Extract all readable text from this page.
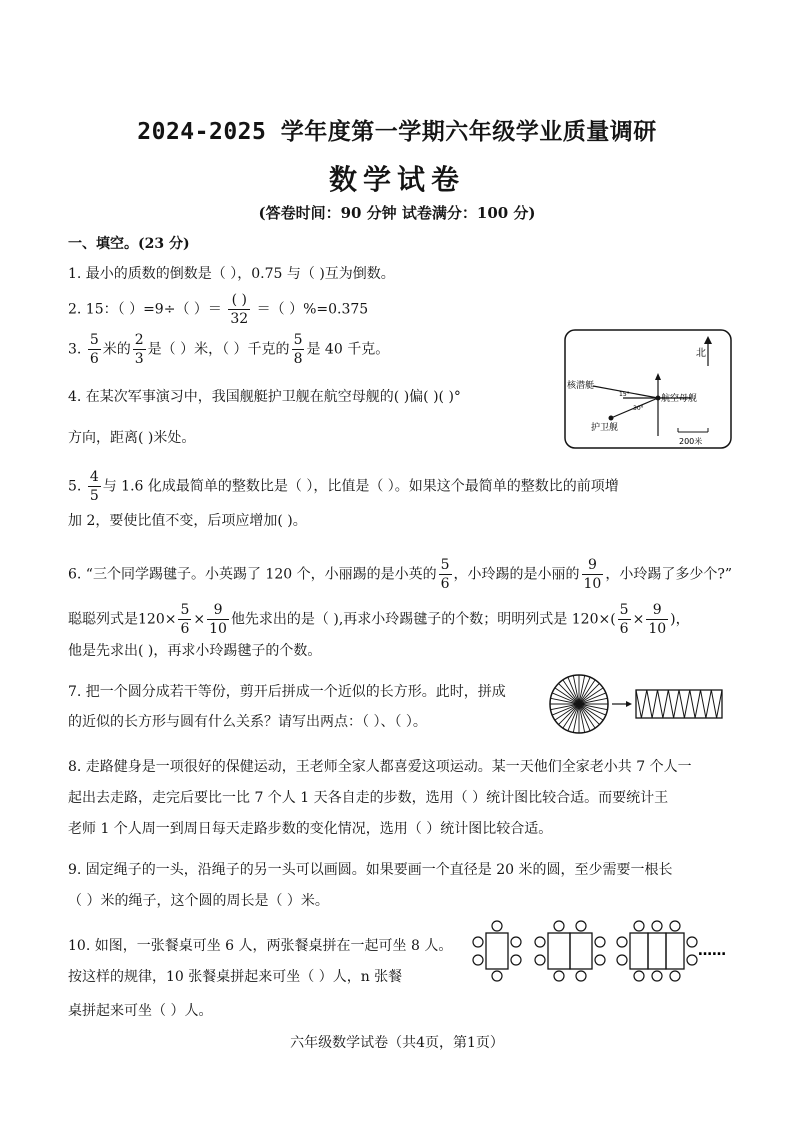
2024-2025 学年度第一学期六年级学业质量调研
数学试卷
(答卷时间：90 分钟 试卷满分：100 分)
一、填空。(23 分)
1. 最小的质数的倒数是（ ），0.75 与（ )互为倒数。
2. 15：（ ）=9÷（ ）＝ $\frac{( )}{32}$ ＝（ ）%=0.375
3. $\frac{5}{6}$ 米的 $\frac{2}{3}$ 是（ ）米，（ ）千克的 $\frac{5}{8}$ 是 40 千克。
4. 在某次军事演习中，我国舰艇护卫舰在航空母舰的( )偏( )( )°
方向，距离( )米处。
北
核潜艇
航空母舰
护卫舰
15°
30°
200米
5. $\frac{4}{5}$ 与 1.6 化成最简单的整数比是（ ），比值是（ ）。如果这个最简单的整数比的前项增
加 2，要使比值不变，后项应增加( )。
6. “三个同学踢毽子。小英踢了 120 个，小丽踢的是小英的 $\frac{5}{6}$ ，小玲踢的是小丽的 $\frac{9}{10}$ ，小玲踢了多少个?”
聪聪列式是$120\times \frac{5}{6} \times \frac{9}{10}$ 他先求出的是（ ),再求小玲踢毽子的个数；明明列式是 $120\times( \frac{5}{6} \times \frac{9}{10}$ )，
他是先求出( )，再求小玲踢毽子的个数。
7. 把一个圆分成若干等份，剪开后拼成一个近似的长方形。此时，拼成
的近似的长方形与圆有什么关系？请写出两点：（ ）、（ ）。
8. 走路健身是一项很好的保健运动，王老师全家人都喜爱这项运动。某一天他们全家老小共 7 个人一
起出去走路，走完后要比一比 7 个人 1 天各自走的步数，选用（ ）统计图比较合适。而要统计王
老师 1 个人周一到周日每天走路步数的变化情况，选用（ ）统计图比较合适。
9. 固定绳子的一头，沿绳子的另一头可以画圆。如果要画一个直径是 20 米的圆，至少需要一根长
（ ）米的绳子，这个圆的周长是（ ）米。
10. 如图，一张餐桌可坐 6 人，两张餐桌拼在一起可坐 8 人。
按这样的规律，10 张餐桌拼起来可坐（ ）人，n 张餐
桌拼起来可坐（ ）人。
……
六年级数学试卷（共4页，第1页）
